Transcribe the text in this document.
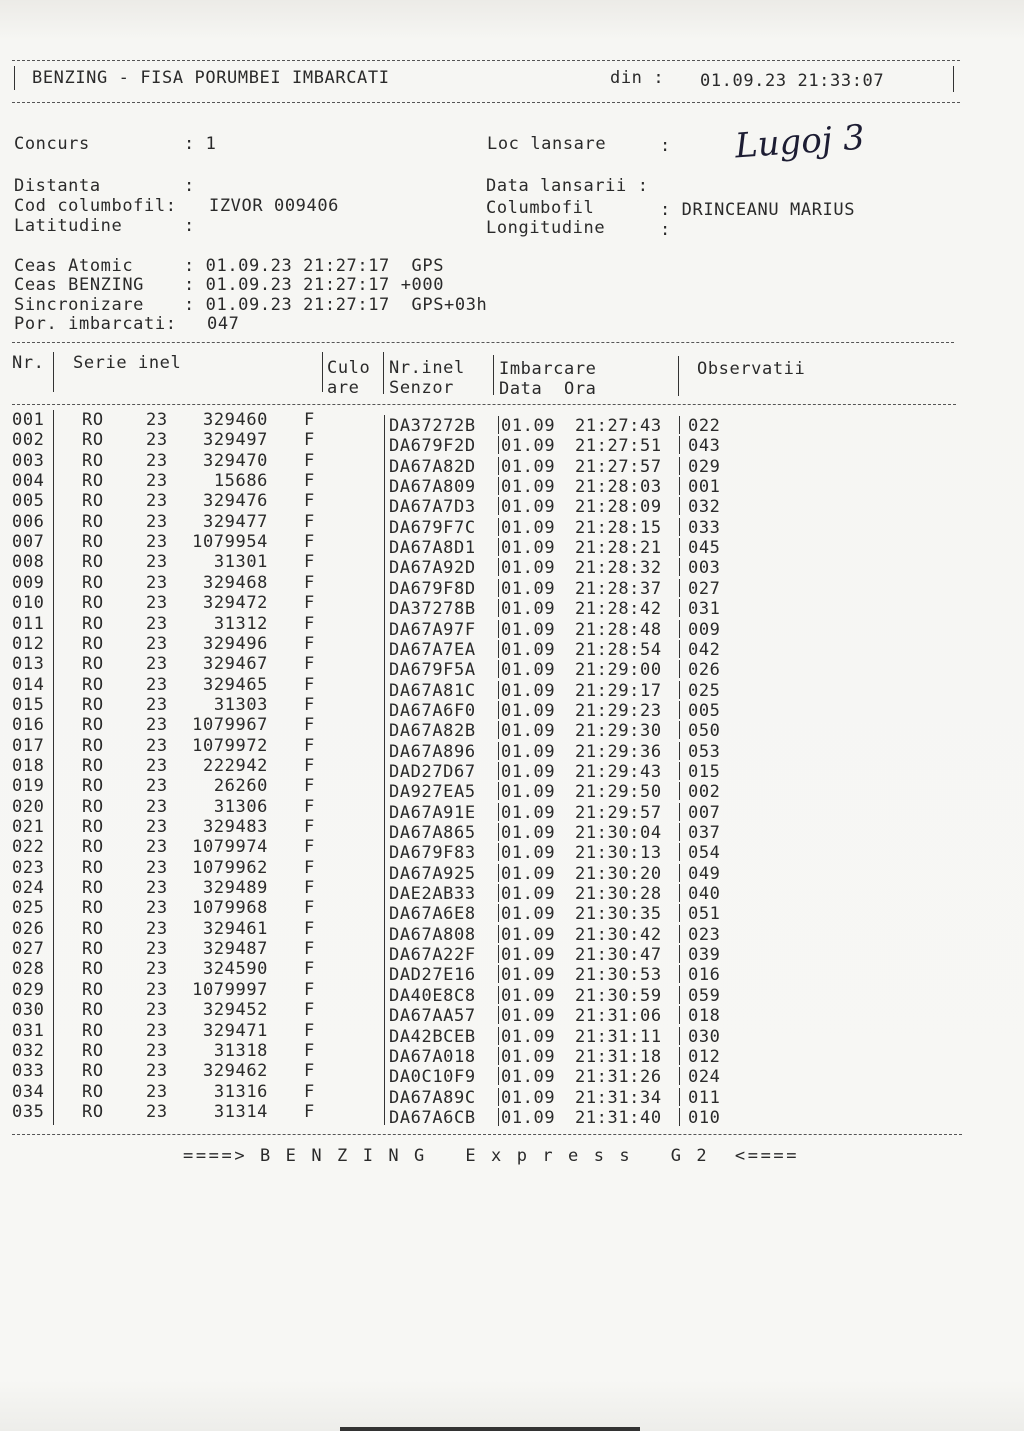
BENZING - FISA PORUMBEI IMBARCATI	din : 01.09.23 21:33:07
Concurs	: 1	Loc lansare	: Lugoj 3
Distanta	:	Data lansarii :
Cod columbofil: IZVOR 009406	Columbofil	: DRINCEANU MARIUS
Latitudine	:	Longitudine	:
Ceas Atomic	: 01.09.23 21:27:17  GPS
Ceas BENZING : 01.09.23 21:27:17 +000
Sincronizare : 01.09.23 21:27:17  GPS+03h
Por. imbarcati: 047
Nr. Serie inel	Culo
are
Nr.inel
Senzor
Imbarcare
Data  Ora
Observatii
001 RO 23	329460 F	DA37272B 01.09 21:27:43 022
002 RO 23	329497 F	DA679F2D 01.09 21:27:51 043
003 RO 23	329470 F	DA67A82D 01.09 21:27:57 029
004 RO 23	15686 F	DA67A809 01.09 21:28:03 001
005 RO 23	329476 F	DA67A7D3 01.09 21:28:09 032
006 RO 23	329477 F	DA679F7C 01.09 21:28:15 033
007 RO 23	1079954 F	DA67A8D1 01.09 21:28:21 045
008 RO 23	31301 F	DA67A92D 01.09 21:28:32 003
009 RO 23	329468 F	DA679F8D 01.09 21:28:37 027
010 RO 23	329472 F	DA37278B 01.09 21:28:42 031
011 RO 23	31312 F	DA67A97F 01.09 21:28:48 009
012 RO 23	329496 F	DA67A7EA 01.09 21:28:54 042
013 RO 23	329467 F	DA679F5A 01.09 21:29:00 026
014 RO 23	329465 F	DA67A81C 01.09 21:29:17 025
015 RO 23	31303 F	DA67A6F0 01.09 21:29:23 005
016 RO 23	1079967 F	DA67A82B 01.09 21:29:30 050
017 RO 23	1079972 F	DA67A896 01.09 21:29:36 053
018 RO 23	222942 F	DAD27D67 01.09 21:29:43 015
019 RO 23	26260 F	DA927EA5 01.09 21:29:50 002
020 RO 23	31306 F	DA67A91E 01.09 21:29:57 007
021 RO 23	329483 F	DA67A865 01.09 21:30:04 037
022 RO 23	1079974 F	DA679F83 01.09 21:30:13 054
023 RO 23	1079962 F	DA67A925 01.09 21:30:20 049
024 RO 23	329489 F	DAE2AB33 01.09 21:30:28 040
025 RO 23	1079968 F	DA67A6E8 01.09 21:30:35 051
026 RO 23	329461 F	DA67A808 01.09 21:30:42 023
027 RO 23	329487 F	DA67A22F 01.09 21:30:47 039
028 RO 23	324590 F	DAD27E16 01.09 21:30:53 016
029 RO 23	1079997 F	DA40E8C8 01.09 21:30:59 059
030 RO 23	329452 F	DA67AA57 01.09 21:31:06 018
031 RO 23	329471 F	DA42BCEB 01.09 21:31:11 030
032 RO 23	31318 F	DA67A018 01.09 21:31:18 012
033 RO 23	329462 F	DA0C10F9 01.09 21:31:26 024
034 RO 23	31316 F	DA67A89C 01.09 21:31:34 011
035 RO 23	31314 F	DA67A6CB 01.09 21:31:40 010
====> B E N Z I N G   E x p r e s s   G 2  <====
